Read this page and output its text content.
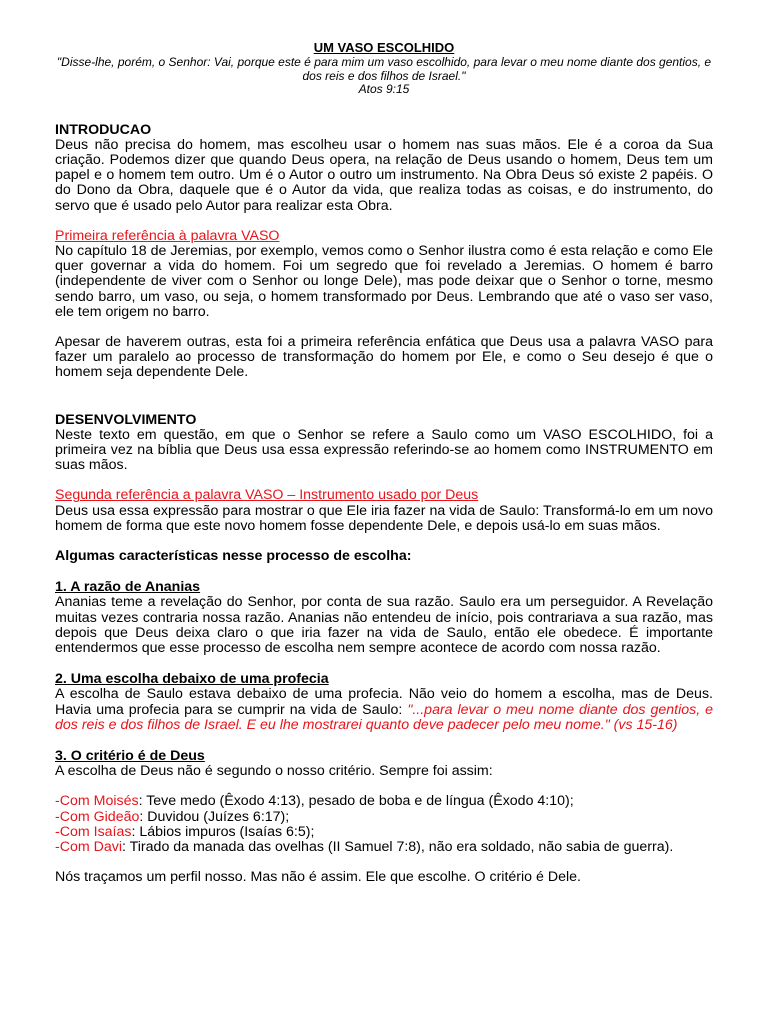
UM VASO ESCOLHIDO
"Disse-lhe, porém, o Senhor: Vai, porque este é para mim um vaso escolhido, para levar o meu nome diante dos gentios, e dos reis e dos filhos de Israel."
Atos 9:15
INTRODUCAO

Deus não precisa do homem, mas escolheu usar o homem nas suas mãos. Ele é a coroa da Sua criação. Podemos dizer que quando Deus opera, na relação de Deus usando o homem, Deus tem um papel e o homem tem outro. Um é o Autor o outro um instrumento. Na Obra Deus só existe 2 papéis. O do Dono da Obra, daquele que é o Autor da vida, que realiza todas as coisas, e do instrumento, do servo que é usado pelo Autor para realizar esta Obra.

Primeira referência à palavra VASO

No capítulo 18 de Jeremias, por exemplo, vemos como o Senhor ilustra como é esta relação e como Ele quer governar a vida do homem. Foi um segredo que foi revelado a Jeremias. O homem é barro (independente de viver com o Senhor ou longe Dele), mas pode deixar que o Senhor o torne, mesmo sendo barro, um vaso, ou seja, o homem transformado por Deus. Lembrando que até o vaso ser vaso, ele tem origem no barro.

Apesar de haverem outras, esta foi a primeira referência enfática que Deus usa a palavra VASO para fazer um paralelo ao processo de transformação do homem por Ele, e como o Seu desejo é que o homem seja dependente Dele.

DESENVOLVIMENTO

Neste texto em questão, em que o Senhor se refere a Saulo como um VASO ESCOLHIDO, foi a primeira vez na bíblia que Deus usa essa expressão referindo-se ao homem como INSTRUMENTO em suas mãos.

Segunda referência a palavra VASO – Instrumento usado por Deus

Deus usa essa expressão para mostrar o que Ele iria fazer na vida de Saulo: Transformá-lo em um novo homem de forma que este novo homem fosse dependente Dele, e depois usá-lo em suas mãos.

Algumas características nesse processo de escolha:
1. A razão de Ananias

Ananias teme a revelação do Senhor, por conta de sua razão. Saulo era um perseguidor. A Revelação muitas vezes contraria nossa razão. Ananias não entendeu de início, pois contrariava a sua razão, mas depois que Deus deixa claro o que iria fazer na vida de Saulo, então ele obedece. É importante entendermos que esse processo de escolha nem sempre acontece de acordo com nossa razão.

2. Uma escolha debaixo de uma profecia

A escolha de Saulo estava debaixo de uma profecia. Não veio do homem a escolha, mas de Deus. Havia uma profecia para se cumprir na vida de Saulo: "...para levar o meu nome diante dos gentios, e dos reis e dos filhos de Israel. E eu lhe mostrarei quanto deve padecer pelo meu nome." (vs 15-16)

3. O critério é de Deus

A escolha de Deus não é segundo o nosso critério. Sempre foi assim:

-Com Moisés: Teve medo (Êxodo 4:13), pesado de boba e de língua (Êxodo 4:10);
-Com Gideão: Duvidou (Juízes 6:17);
-Com Isaías: Lábios impuros (Isaías 6:5);
-Com Davi: Tirado da manada das ovelhas (II Samuel 7:8), não era soldado, não sabia de guerra).

Nós traçamos um perfil nosso. Mas não é assim. Ele que escolhe. O critério é Dele.
